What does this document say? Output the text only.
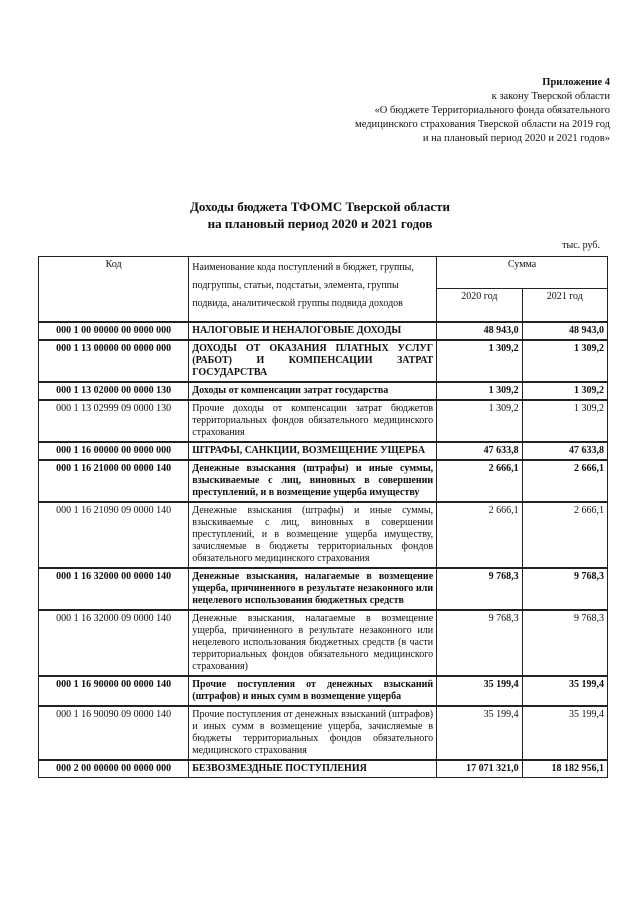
Приложение 4
к закону Тверской области
«О бюджете Территориального фонда обязательного
медицинского страхования Тверской области на 2019 год
и на плановый период 2020 и 2021 годов»
Доходы бюджета ТФОМС Тверской области
на плановый период 2020 и 2021 годов
тыс. руб.
Код	Наименование кода поступлений в бюджет, группы, подгруппы, статьи, подстатьи, элемента, группы подвида, аналитической группы подвида доходов	Сумма	
		2020 год	2021 год
000 1 00 00000 00 0000 000	НАЛОГОВЫЕ И НЕНАЛОГОВЫЕ ДОХОДЫ	48 943,0	48 943,0
000 1 13 00000 00 0000 000	ДОХОДЫ ОТ ОКАЗАНИЯ ПЛАТНЫХ УСЛУГ (РАБОТ) И КОМПЕНСАЦИИ ЗАТРАТ ГОСУДАРСТВА	1 309,2	1 309,2
000 1 13 02000 00 0000 130	Доходы от компенсации затрат государства	1 309,2	1 309,2
000 1 13 02999 09 0000 130	Прочие доходы от компенсации затрат бюджетов территориальных фондов обязательного медицинского страхования	1 309,2	1 309,2
000 1 16 00000 00 0000 000	ШТРАФЫ, САНКЦИИ, ВОЗМЕЩЕНИЕ УЩЕРБА	47 633,8	47 633,8
000 1 16 21000 00 0000 140	Денежные взыскания (штрафы) и иные суммы, взыскиваемые с лиц, виновных в совершении преступлений, и в возмещение ущерба имуществу	2 666,1	2 666,1
000 1 16 21090 09 0000 140	Денежные взыскания (штрафы) и иные суммы, взыскиваемые с лиц, виновных в совершении преступлений, и в возмещение ущерба имуществу, зачисляемые в бюджеты территориальных фондов обязательного медицинского страхования	2 666,1	2 666,1
000 1 16 32000 00 0000 140	Денежные взыскания, налагаемые в возмещение ущерба, причиненного в результате незаконного или нецелевого использования бюджетных средств	9 768,3	9 768,3
000 1 16 32000 09 0000 140	Денежные взыскания, налагаемые в возмещение ущерба, причиненного в результате незаконного или нецелевого использования бюджетных средств (в части территориальных фондов обязательного медицинского страхования)	9 768,3	9 768,3
000 1 16 90000 00 0000 140	Прочие поступления от денежных взысканий (штрафов) и иных сумм в возмещение ущерба	35 199,4	35 199,4
000 1 16 90090 09 0000 140	Прочие поступления от денежных взысканий (штрафов) и иных сумм в возмещение ущерба, зачисляемые в бюджеты территориальных фондов обязательного медицинского страхования	35 199,4	35 199,4
000 2 00 00000 00 0000 000	БЕЗВОЗМЕЗДНЫЕ ПОСТУПЛЕНИЯ	17 071 321,0	18 182 956,1
